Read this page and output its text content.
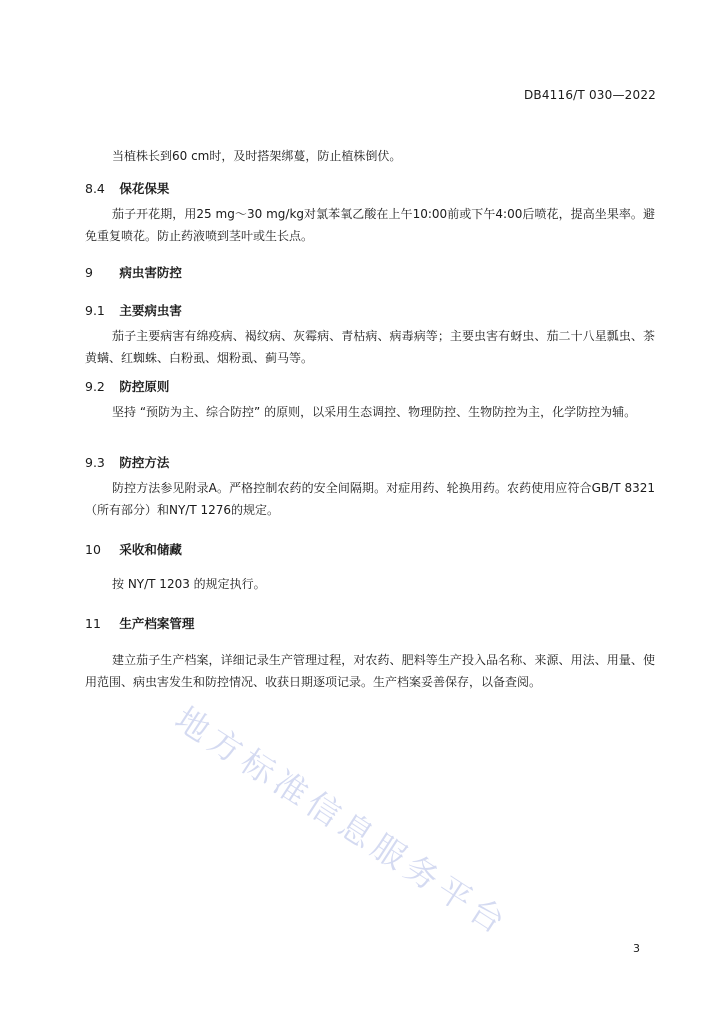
DB4116/T 030—2022

当植株长到60 cm时，及时搭架绑蔓，防止植株倒伏。

8.4 保花保果

茄子开花期，用25 mg～30 mg/kg对氯苯氧乙酸在上午10:00前或下午4:00后喷花，提高坐果率。避免重复喷花。防止药液喷到茎叶或生长点。

9 病虫害防控
9.1 主要病虫害

茄子主要病害有绵疫病、褐纹病、灰霉病、青枯病、病毒病等；主要虫害有蚜虫、茄二十八星瓢虫、茶黄螨、红蜘蛛、白粉虱、烟粉虱、蓟马等。

9.2 防控原则

坚持 “预防为主、综合防控” 的原则，以采用生态调控、物理防控、生物防控为主，化学防控为辅。

9.3 防控方法

防控方法参见附录A。严格控制农药的安全间隔期。对症用药、轮换用药。农药使用应符合GB/T 8321（所有部分）和NY/T 1276的规定。

10 采收和储藏

按 NY/T 1203 的规定执行。

11 生产档案管理

建立茄子生产档案，详细记录生产管理过程，对农药、肥料等生产投入品名称、来源、用法、用量、使用范围、病虫害发生和防控情况、收获日期逐项记录。生产档案妥善保存，以备查阅。

地方标准信息服务平台
3
